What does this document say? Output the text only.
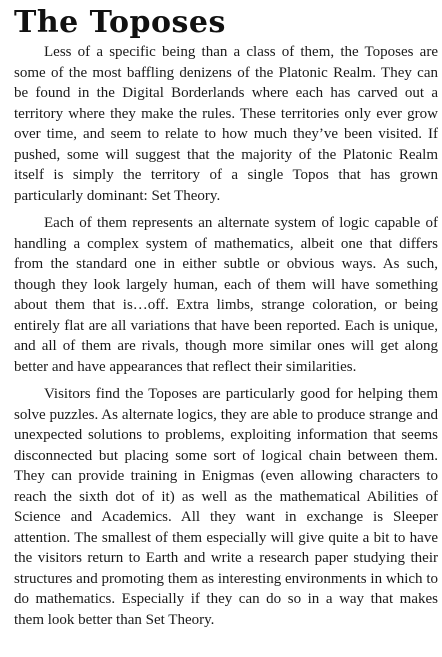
The Toposes

Less of a specific being than a class of them, the Toposes are some of the most baffling denizens of the Platonic Realm. They can be found in the Digital Borderlands where each has carved out a territory where they make the rules. These territories only ever grow over time, and seem to relate to how much they’ve been visited. If pushed, some will suggest that the majority of the Platonic Realm itself is simply the territory of a single Topos that has grown particularly dominant: Set Theory.

Each of them represents an alternate system of logic capable of handling a complex system of mathematics, albeit one that differs from the standard one in either subtle or obvious ways. As such, though they look largely human, each of them will have something about them that is…off. Extra limbs, strange coloration, or being entirely flat are all variations that have been reported. Each is unique, and all of them are rivals, though more similar ones will get along better and have appearances that reflect their similarities.

Visitors find the Toposes are particularly good for helping them solve puzzles. As alternate logics, they are able to produce strange and unexpected solutions to problems, exploiting information that seems disconnected but placing some sort of logical chain between them. They can provide training in Enigmas (even allowing characters to reach the sixth dot of it) as well as the mathematical Abilities of Science and Academics. All they want in exchange is Sleeper attention. The smallest of them especially will give quite a bit to have the visitors return to Earth and write a research paper studying their structures and promoting them as interesting environments in which to do mathematics. Especially if they can do so in a way that makes them look better than Set Theory.
